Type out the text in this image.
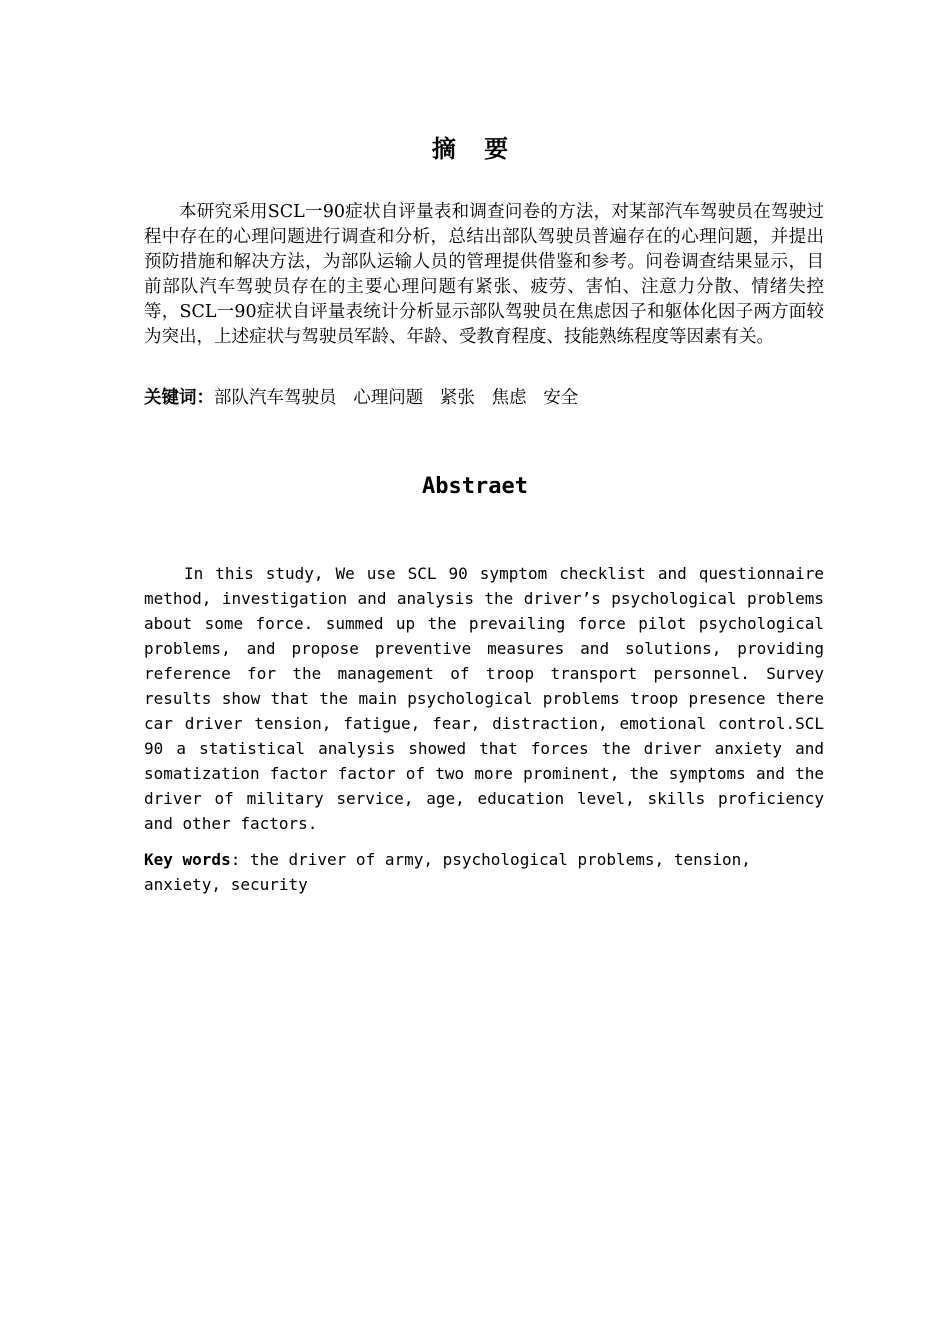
摘 要

本研究采用SCL一90症状自评量表和调查问卷的方法，对某部汽车驾驶员在驾驶过程中存在的心理问题进行调查和分析，总结出部队驾驶员普遍存在的心理问题，并提出预防措施和解决方法，为部队运输人员的管理提供借鉴和参考。问卷调查结果显示，目前部队汽车驾驶员存在的主要心理问题有紧张、疲劳、害怕、注意力分散、情绪失控等，SCL一90症状自评量表统计分析显示部队驾驶员在焦虑因子和躯体化因子两方面较为突出，上述症状与驾驶员军龄、年龄、受教育程度、技能熟练程度等因素有关。

关键词：部队汽车驾驶员   心理问题   紧张   焦虑   安全

Abstraet

In this study, We use SCL 90 symptom checklist and questionnaire method, investigation and analysis the driver’s psychological problems about some force. summed up the prevailing force pilot psychological problems, and propose preventive measures and solutions, providing reference for the management of troop transport personnel. Survey results show that the main psychological problems troop presence there car driver tension, fatigue, fear, distraction, emotional control.SCL 90 a statistical analysis showed that forces the driver anxiety and somatization factor factor of two more prominent, the symptoms and the driver of military service, age, education level, skills proficiency and other factors.

Key words: the driver of army, psychological problems, tension, anxiety, security
